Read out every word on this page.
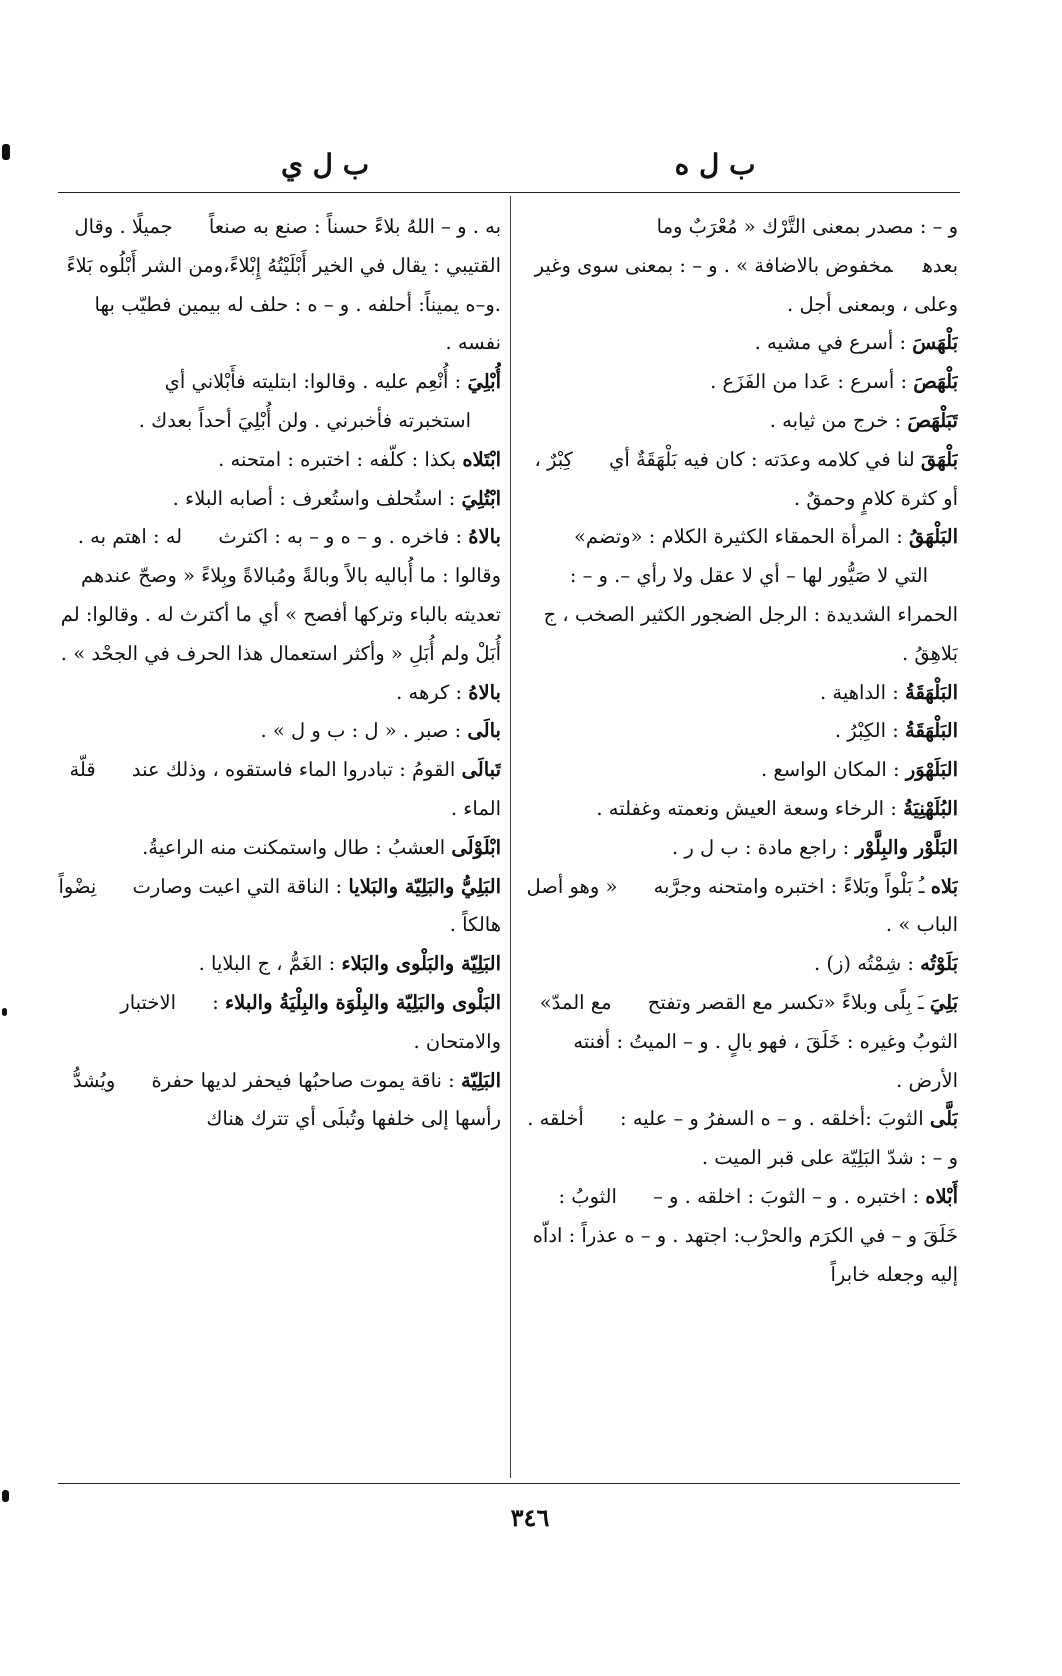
ب ل ه
ب ل ي

و – : مصدر بمعنى التَّرْك « مُعْرَبٌ وما بعدهمخفوض بالاضافة » . و – : بمعنى سوى وغير وعلى ، وبمعنى أجل .

بَلْهَسَ : أسرع في مشيه .

بَلْهَصَ : أسرع : عَدا من الفَزَع .

تَبَلْهَصَ : خرج من ثيابه .

بَلْهَقَ لنا في كلامه وعدَته : كان فيه بَلْهَقَةٌ أي كِبْرٌ ، أو كثرة كلامٍ وحمقٌ .

البَلْهَقُ : المرأة الحمقاء الكثيرة الكلام : «وتضم» التي لا صَيُّور لها – أي لا عقل ولا رأي –. و – : الحمراء الشديدة : الرجل الضجور الكثير الصخب ، ج بَلاهِقُ .

البَلْهَقَةُ : الداهية .

البَلْهَقَةُ : الكِبْرُ .

البَلَهْوَر : المكان الواسع .

البُلَهْنِيَةُ : الرخاء وسعة العيش ونعمته وغفلته .

البَلَّوْر والبِلَّوْر : راجع مادة : ب ل ر .

بَلاه ـُ بَلْواً وبَلاءً : اختبره وامتحنه وجرَّبه « وهو أصل الباب » .

بَلَوْتُه : شِمْتُه (ز) .

بَلِيَ ـَ بِلًى وبلاءً «تكسر مع القصر وتفتح مع المدّ» الثوبُ وغيره : خَلَقَ ، فهو بالٍ . و – الميتُ : أفنته الأرض .

بَلَّى الثوبَ :أخلقه . و – ه السفرُ و – عليه : أخلقه . و – : شدّ البَلِيّة على قبر الميت .

أَبْلاه : اختبره . و – الثوبَ : اخلقه . و – الثوبُ : خَلَقَ و – في الكرَم والحرْب: اجتهد . و – ه عذراً : اداّه إليه وجعله خابراً

به . و – اللهُ بلاءً حسناً : صنع به صنعاً جميلًا . وقال القتيبي : يقال في الخير أَبْلَيْتُهُ إِبْلاءً،ومن الشر أَبْلُوه بَلاءً .و–ه يميناً: أحلفه . و – ه : حلف له بيمين فطيّب بها نفسه .

أُبْلِيَ : أُنْعِم عليه . وقالوا: ابتليته فأَبْلاني أي استخبرته فأخبرني . ولن أُبْلِيَ أحداً بعدك .

ابْتَلاه بكذا : كلّفه : اختبره : امتحنه .

ابْتُلِيَ : استُحلف واستُعرف : أصابه البلاء .

بالاهُ : فاخره . و – ه و – به : اكترث له : اهتم به . وقالوا : ما أُباليه بالاً وبالةً ومُبالاةً وبِلاءً « وصحّ عندهم تعديته بالباء وتركها أفصح » أي ما أكترث له . وقالوا: لم أُبَلْ ولم أُبَلِ « وأكثر استعمال هذا الحرف في الجحْد » .

بالاهُ : كرهه .

بالَى : صبر . « ل : ب و ل » .

تَبالَى القومُ : تبادروا الماء فاستقوه ، وذلك عند قلّة الماء .

ابْلَوْلَى العشبُ : طال واستمكنت منه الراعيةُ.

البَلِيُّ والبَلِيّة والبَلايا : الناقة التي اعيت وصارت نِضْواً هالكاً .

البَلِيّة والبَلْوى والبَلاء : الغَمُّ ، ج البلايا .

البَلْوى والبَلِيّة والبِلْوَة والبِلْيَةُ والبلاء : الاختبار والامتحان .

البَلِيّة : ناقة يموت صاحبُها فيحفر لديها حفرة ويُشدُّ رأسها إلى خلفها وتُبلَى أي تترك هناك

٣٤٦
